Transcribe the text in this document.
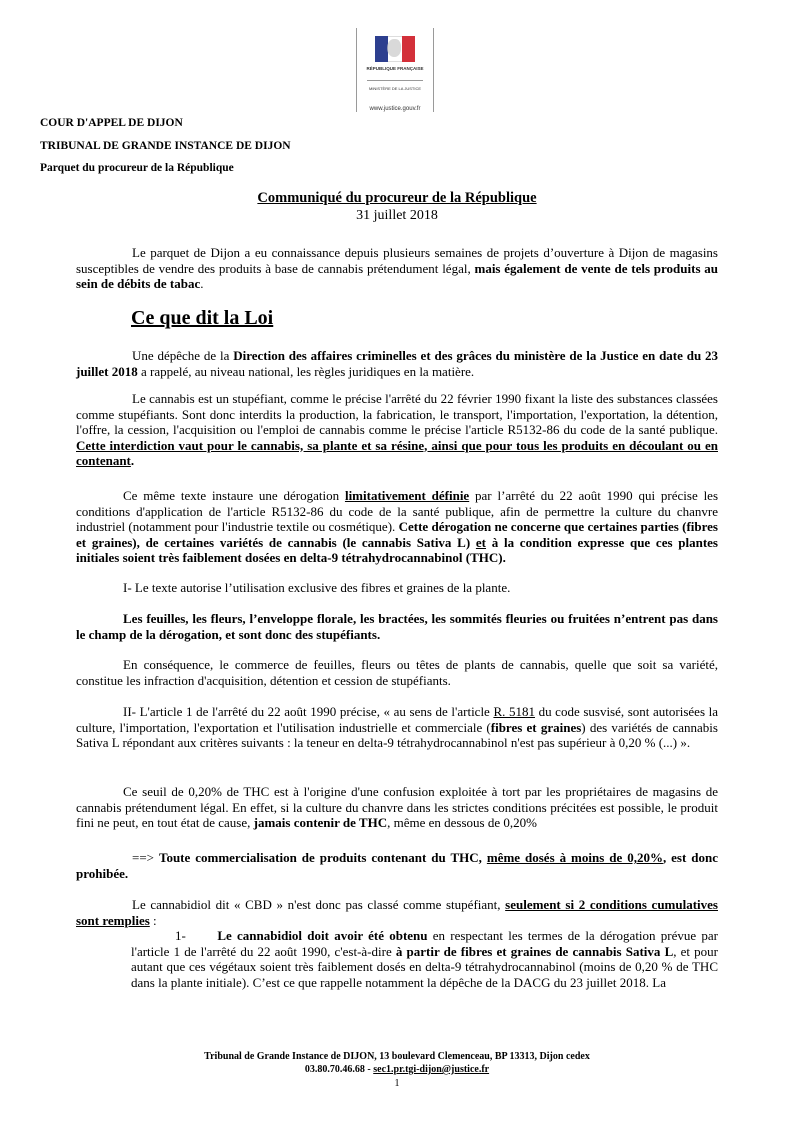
RÉPUBLIQUE FRANÇAISE
MINISTÈRE DE LA JUSTICE
www.justice.gouv.fr
COUR D'APPEL DE DIJON
TRIBUNAL DE GRANDE INSTANCE DE DIJON
Parquet du procureur de la République
Communiqué du procureur de la République
31 juillet 2018

Le parquet de Dijon a eu connaissance depuis plusieurs semaines de projets d’ouverture à Dijon de magasins susceptibles de vendre des produits à base de cannabis prétendument légal, mais également de vente de tels produits au sein de débits de tabac.

Ce que dit la Loi

Une dépêche de la Direction des affaires criminelles et des grâces du ministère de la Justice en date du 23 juillet 2018 a rappelé, au niveau national, les règles juridiques en la matière.

Le cannabis est un stupéfiant, comme le précise l'arrêté du 22 février 1990 fixant la liste des substances classées comme stupéfiants. Sont donc interdits la production, la fabrication, le transport, l'importation, l'exportation, la détention, l'offre, la cession, l'acquisition ou l'emploi de cannabis comme le précise l'article R5132-86 du code de la santé publique. Cette interdiction vaut pour le cannabis, sa plante et sa résine, ainsi que pour tous les produits en découlant ou en contenant.

Ce même texte instaure une dérogation limitativement définie par l’arrêté du 22 août 1990 qui précise les conditions d'application de l'article R5132-86 du code de la santé publique, afin de permettre la culture du chanvre industriel (notamment pour l'industrie textile ou cosmétique). Cette dérogation ne concerne que certaines parties (fibres et graines), de certaines variétés de cannabis (le cannabis Sativa L) et à la condition expresse que ces plantes initiales soient très faiblement dosées en delta-9 tétrahydrocannabinol (THC).

I- Le texte autorise l’utilisation exclusive des fibres et graines de la plante.

Les feuilles, les fleurs, l’enveloppe florale, les bractées, les sommités fleuries ou fruitées n’entrent pas dans le champ de la dérogation, et sont donc des stupéfiants.

En conséquence, le commerce de feuilles, fleurs ou têtes de plants de cannabis, quelle que soit sa variété, constitue les infraction d'acquisition, détention et cession de stupéfiants.

II- L'article 1 de l'arrêté du 22 août 1990 précise, « au sens de l'article R. 5181 du code susvisé, sont autorisées la culture, l'importation, l'exportation et l'utilisation industrielle et commerciale (fibres et graines) des variétés de cannabis Sativa L répondant aux critères suivants : la teneur en delta-9 tétrahydrocannabinol n'est pas supérieur à 0,20 % (...) ».

Ce seuil de 0,20% de THC est à l'origine d'une confusion exploitée à tort par les propriétaires de magasins de cannabis prétendument légal. En effet, si la culture du chanvre dans les strictes conditions précitées est possible, le produit fini ne peut, en tout état de cause, jamais contenir de THC, même en dessous de 0,20%

==> Toute commercialisation de produits contenant du THC, même dosés à moins de 0,20%, est donc prohibée.

Le cannabidiol dit « CBD » n'est donc pas classé comme stupéfiant, seulement si 2 conditions cumulatives sont remplies :

1- Le cannabidiol doit avoir été obtenu en respectant les termes de la dérogation prévue par l'article 1 de l'arrêté du 22 août 1990, c'est-à-dire à partir de fibres et graines de cannabis Sativa L, et pour autant que ces végétaux soient très faiblement dosés en delta-9 tétrahydrocannabinol (moins de 0,20 % de THC dans la plante initiale). C’est ce que rappelle notamment la dépêche de la DACG du 23 juillet 2018. La

Tribunal de Grande Instance de DIJON, 13 boulevard Clemenceau, BP 13313, Dijon cedex
03.80.70.46.68 - sec1.pr.tgi-dijon@justice.fr
1
